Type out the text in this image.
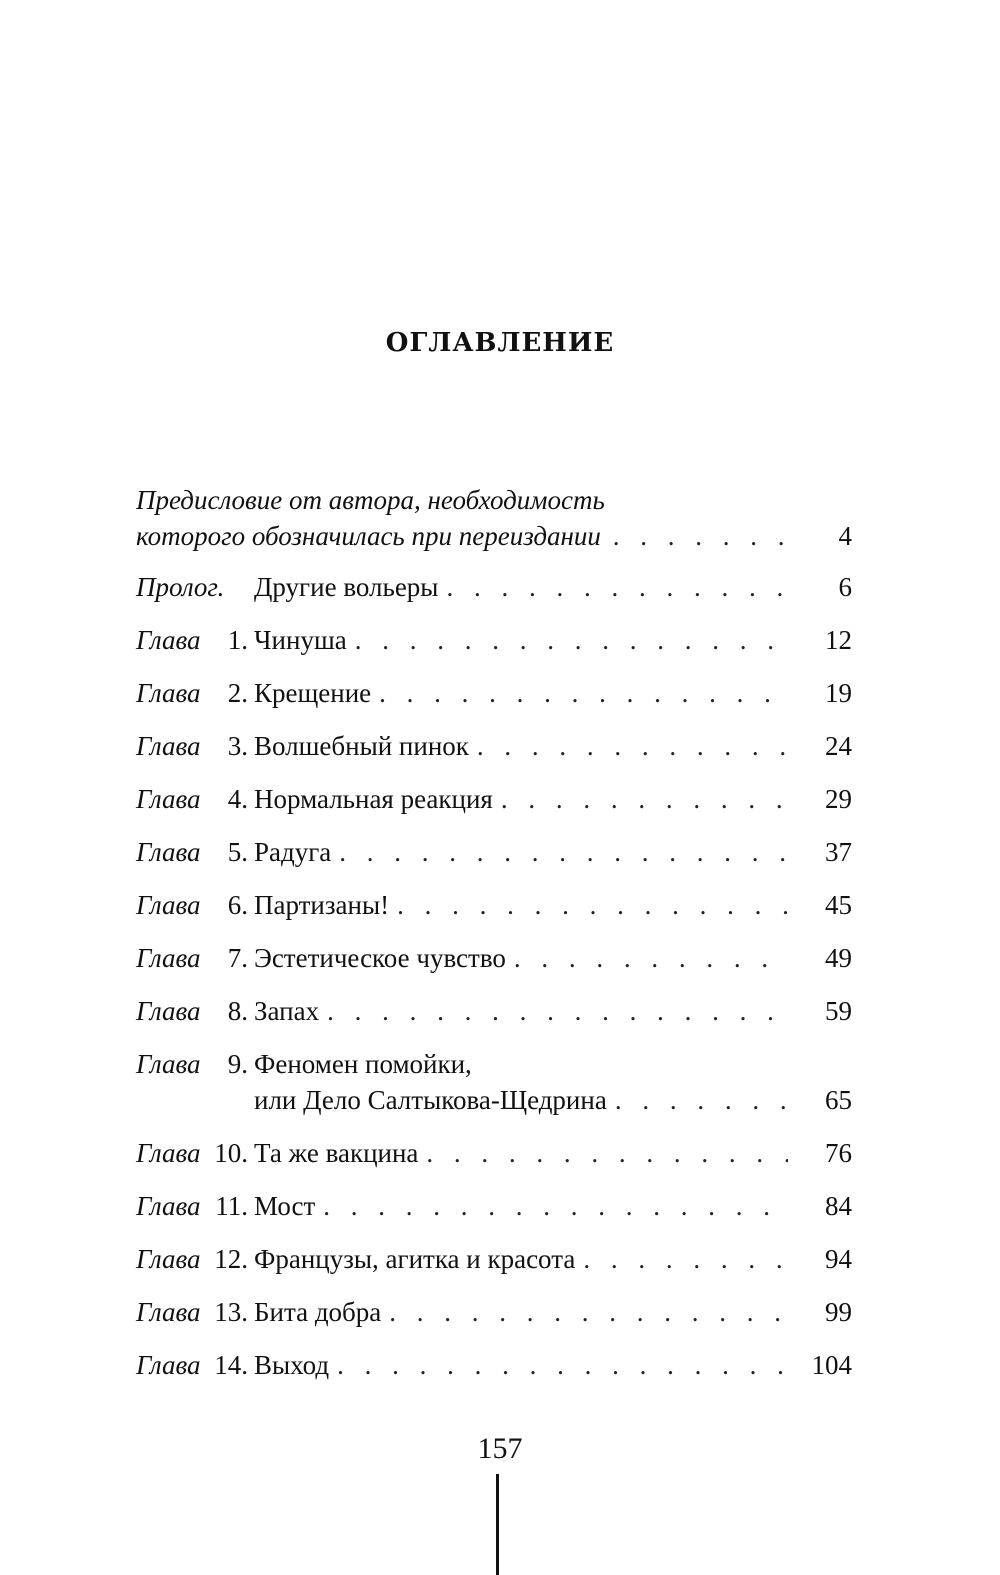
ОГЛАВЛЕНИЕ
Предисловие от автора, необходимость
которого обозначилась при переиздании . . .	4
Пролог.	Другие вольеры . . .	6
Глава	1. Чинуша . . .	12
Глава	2. Крещение . . .	19
Глава	3. Волшебный пинок . . .	24
Глава	4. Нормальная реакция . . .	29
Глава	5. Радуга . . .	37
Глава	6. Партизаны! . . .	45
Глава	7. Эстетическое чувство . . .	49
Глава	8. Запах . . .	59
Глава	9. Феномен помойки,
или Дело Салтыкова-Щедрина . . .	65
Глава 10. Та же вакцина . . .	76
Глава 11. Мост . . .	84
Глава 12. Французы, агитка и красота . . .	94
Глава 13. Бита добра . . .	99
Глава 14. Выход . . .	104
157
